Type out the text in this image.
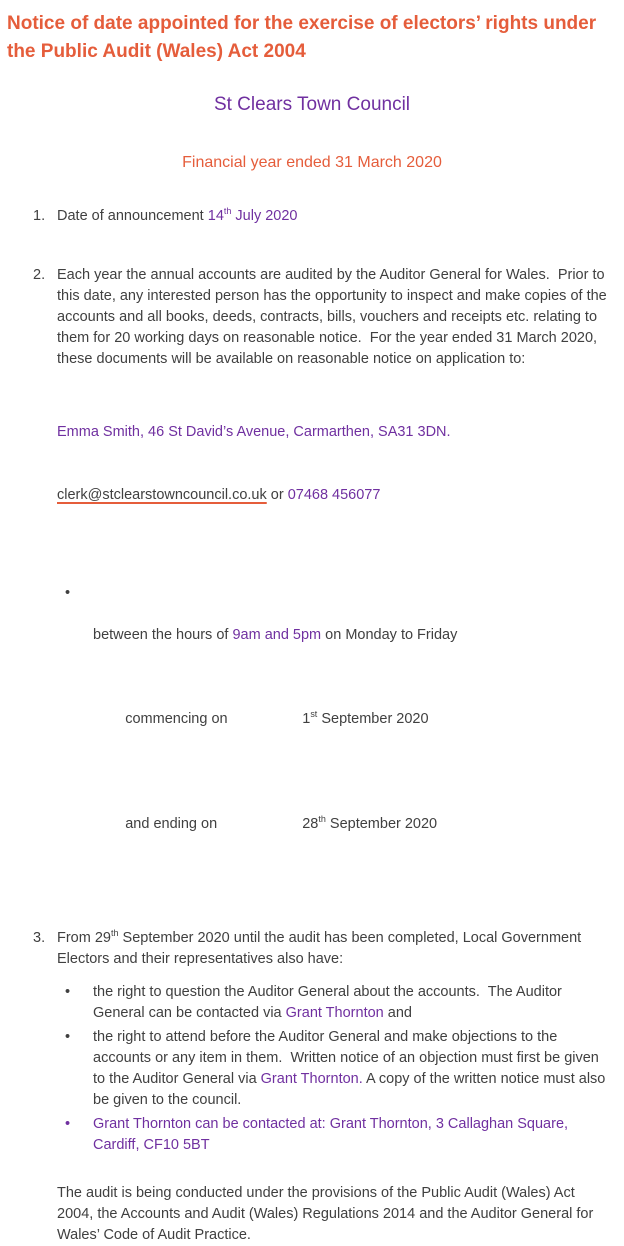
Notice of date appointed for the exercise of electors’ rights under the Public Audit (Wales) Act 2004
St Clears Town Council
Financial year ended 31 March 2020
1. Date of announcement 14th July 2020
2. Each year the annual accounts are audited by the Auditor General for Wales.  Prior to this date, any interested person has the opportunity to inspect and make copies of the accounts and all books, deeds, contracts, bills, vouchers and receipts etc. relating to them for 20 working days on reasonable notice.  For the year ended 31 March 2020, these documents will be available on reasonable notice on application to:

Emma Smith, 46 St David’s Avenue, Carmarthen, SA31 3DN.

clerk@stclearstowncouncil.co.uk or 07468 456077

•

between the hours of 9am and 5pm on Monday to Friday

commencing on	1st September 2020

and ending on	28th September 2020

3. From 29th September 2020 until the audit has been completed, Local Government Electors and their representatives also have:
•	the right to question the Auditor General about the accounts.  The Auditor General can be contacted via Grant Thornton and
•	the right to attend before the Auditor General and make objections to the accounts or any item in them.  Written notice of an objection must first be given to the Auditor General via Grant Thornton. A copy of the written notice must also be given to the council.
•	Grant Thornton can be contacted at: Grant Thornton, 3 Callaghan Square, Cardiff, CF10 5BT
The audit is being conducted under the provisions of the Public Audit (Wales) Act 2004, the Accounts and Audit (Wales) Regulations 2014 and the Auditor General for Wales’ Code of Audit Practice.
